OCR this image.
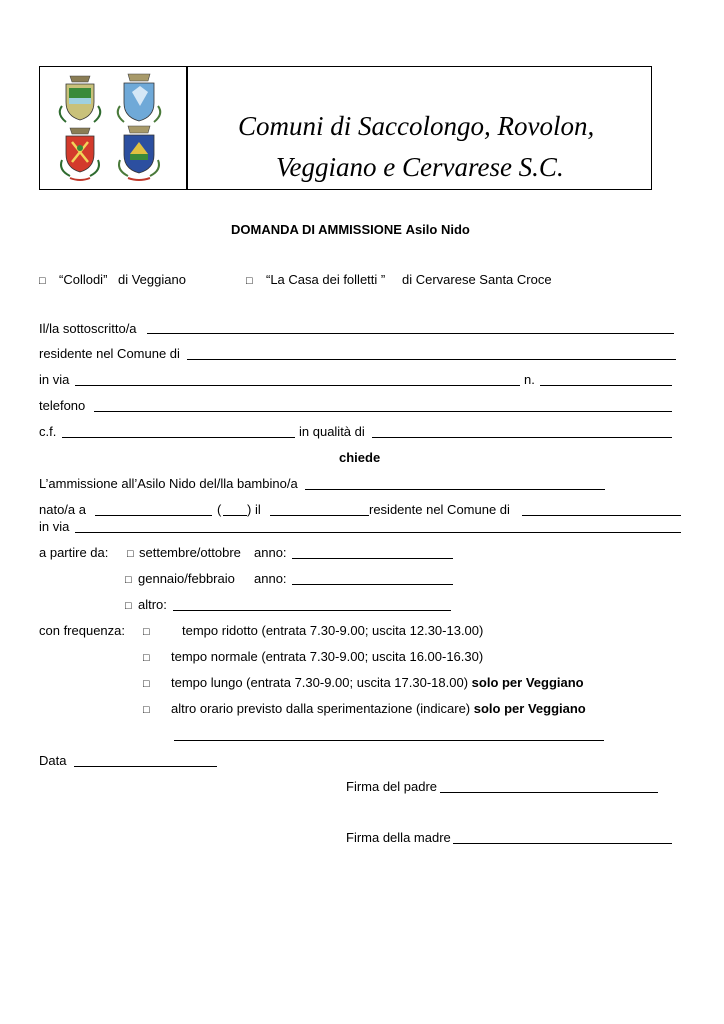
Comuni di Saccolongo, Rovolon,
Veggiano e Cervarese S.C.
DOMANDA DI AMMISSIONE Asilo Nido
□ “Collodi” di Veggiano	□ “La Casa dei folletti ” di Cervarese Santa Croce
Il/la sottoscritto/a
residente nel Comune di
in via	n.
telefono
c.f.	in qualità di
chiede
L’ammissione all’Asilo Nido del/lla bambino/a
nato/a a	( ) il	residente nel Comune di
in via
a partire da: □ settembre/ottobre anno:
□ gennaio/febbraio anno:
□ altro:
con frequenza: □ tempo ridotto (entrata 7.30-9.00; uscita 12.30-13.00)
□ tempo normale (entrata 7.30-9.00; uscita 16.00-16.30)
□ tempo lungo (entrata 7.30-9.00; uscita 17.30-18.00) solo per Veggiano
□ altro orario previsto dalla sperimentazione (indicare) solo per Veggiano
Data
Firma del padre
Firma della madre
